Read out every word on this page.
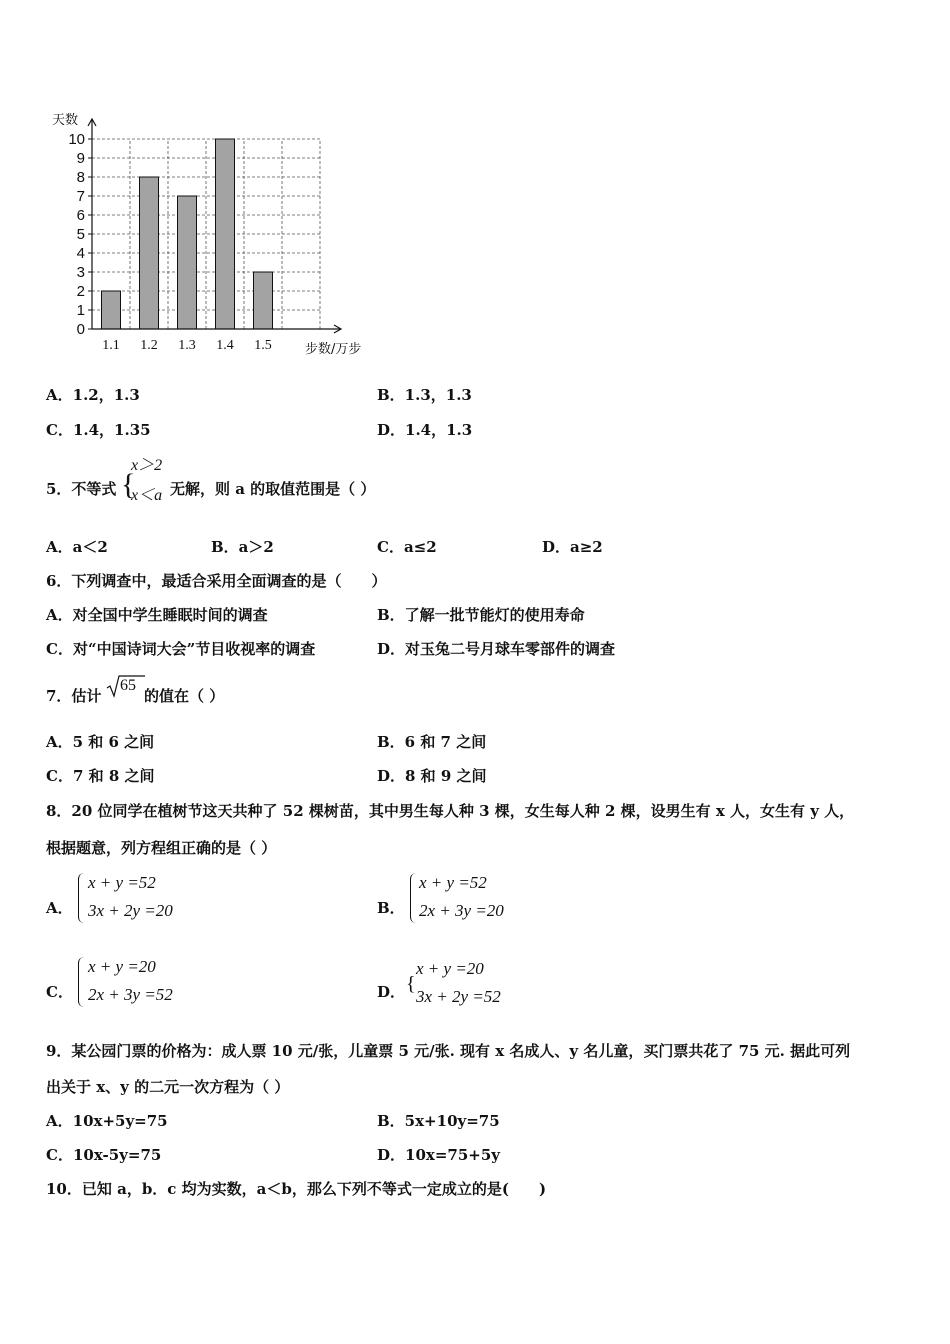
0
1
2
3
4
5
6
7
8
9
10
1.1 1.2 1.3 1.4 1.5
天数
步数/万步
A．1.2，1.3	B．1.3，1.3
C．1.4，1.35	D．1.4，1.3
5．不等式 {
x＞2
x＜a 无解，则 a 的取值范围是（ ）
A．a＜2	B．a＞2	C．a≤2	D．a≥2
6．下列调查中，最适合采用全面调查的是（　　）
A．对全国中学生睡眠时间的调查	B．了解一批节能灯的使用寿命
C．对“中国诗词大会”节目收视率的调查	D．对玉兔二号月球车零部件的调查
7．估计
65
的值在（ ）
A．5 和 6 之间	B．6 和 7 之间
C．7 和 8 之间	D．8 和 9 之间
8．20 位同学在植树节这天共种了 52 棵树苗，其中男生每人种 3 棵，女生每人种 2 棵，设男生有 x 人，女生有 y 人，
根据题意，列方程组正确的是（ ）
A．
x + y =52
3x + 2y =20	B．
x + y =52
2x + 3y =20
C．
x + y =20
2x + 3y =52	D． {
x + y =20
3x + 2y =52
9．某公园门票的价格为：成人票 10 元/张，儿童票 5 元/张. 现有 x 名成人、y 名儿童，买门票共花了 75 元. 据此可列
出关于 x、y 的二元一次方程为（ ）
A．10x+5y=75	B．5x+10y=75
C．10x-5y=75	D．10x=75+5y
10．已知 a，b．c 均为实数，a＜b，那么下列不等式一定成立的是(　　)
